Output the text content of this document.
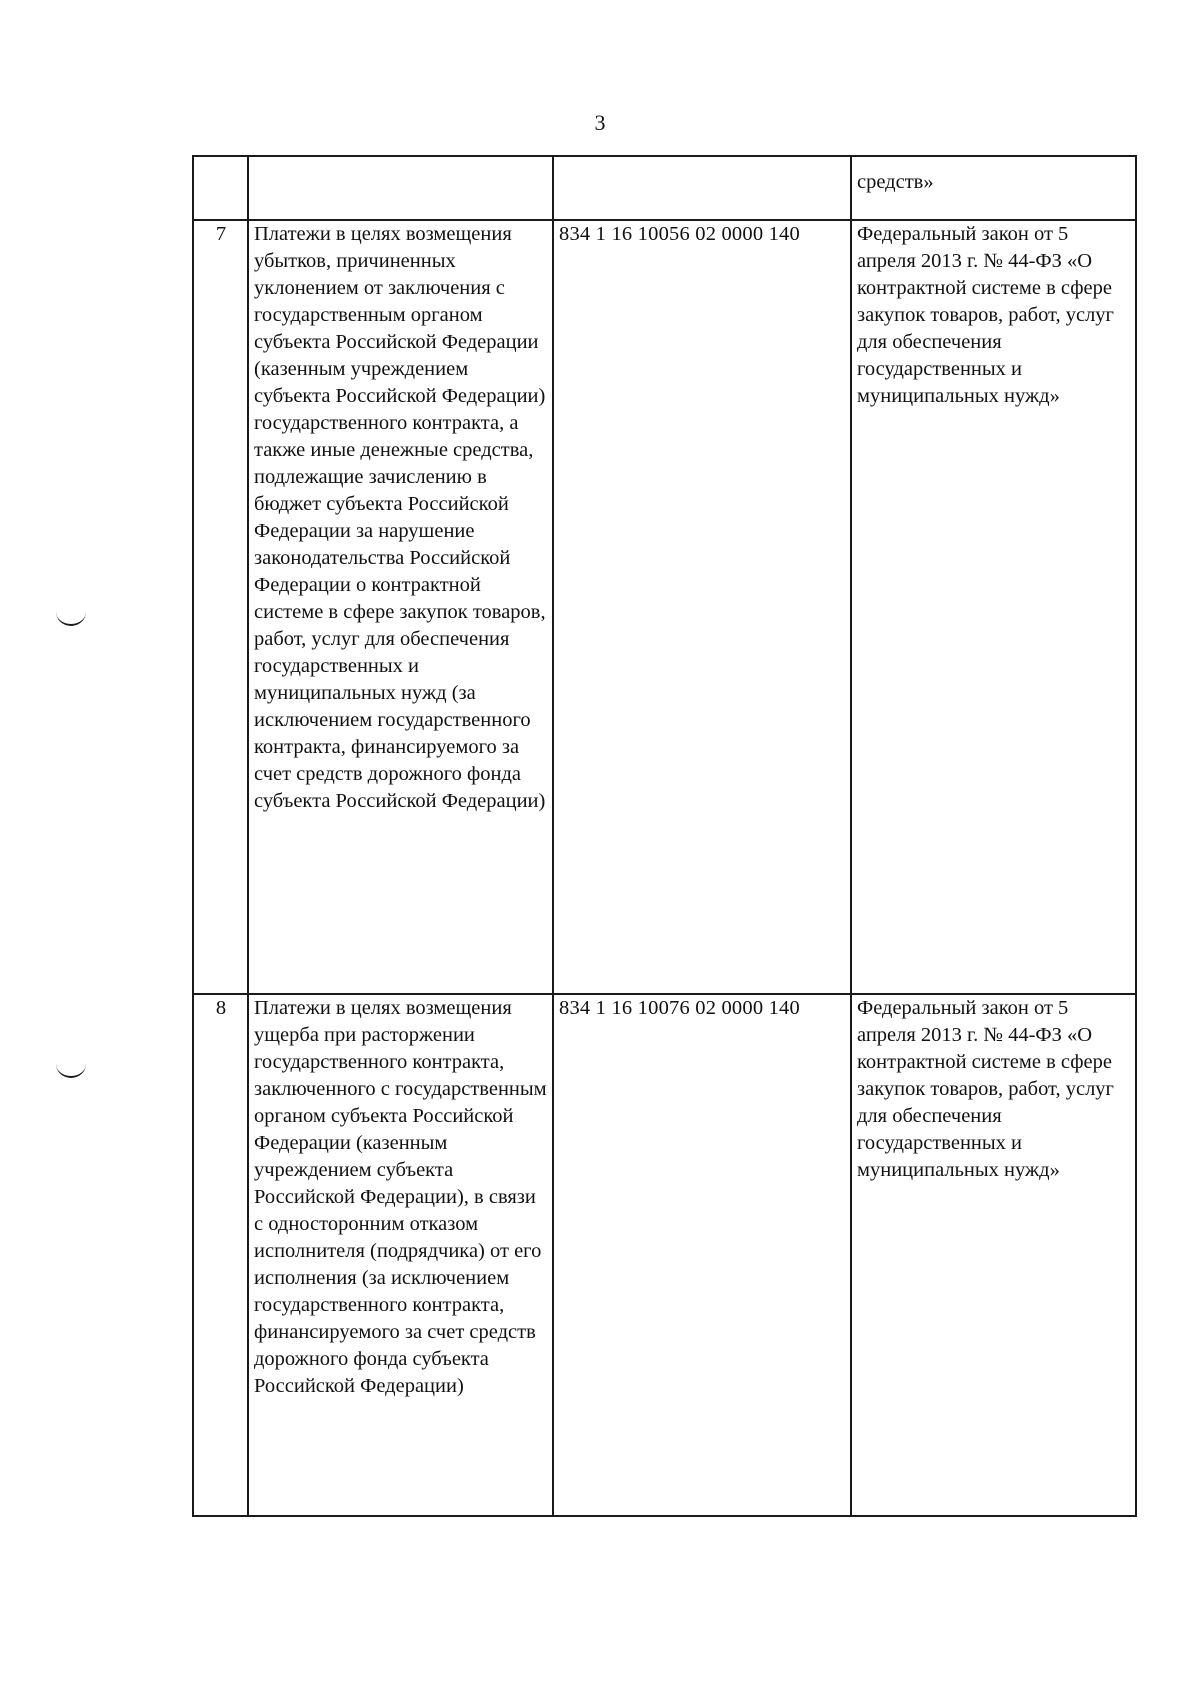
3
			средств»
7	Платежи в целях возмещения убытков, причиненных уклонением от заключения с государственным органом субъекта Российской Федерации (казенным учреждением субъекта Российской Федерации) государственного контракта, а также иные денежные средства, подлежащие зачислению в бюджет субъекта Российской Федерации за нарушение законодательства Российской Федерации о контрактной системе в сфере закупок товаров, работ, услуг для обеспечения государственных и муниципальных нужд (за исключением государственного контракта, финансируемого за счет средств дорожного фонда субъекта Российской Федерации)	834 1 16 10056 02 0000 140	Федеральный закон от 5 апреля 2013 г. № 44-ФЗ «О контрактной системе в сфере закупок товаров, работ, услуг для обеспечения государственных и муниципальных нужд»
8	Платежи в целях возмещения ущерба при расторжении государственного контракта, заключенного с государственным органом субъекта Российской Федерации (казенным учреждением субъекта Российской Федерации), в связи с односторонним отказом исполнителя (подрядчика) от его исполнения (за исключением государственного контракта, финансируемого за счет средств дорожного фонда субъекта Российской Федерации)	834 1 16 10076 02 0000 140	Федеральный закон от 5 апреля 2013 г. № 44-ФЗ «О контрактной системе в сфере закупок товаров, работ, услуг для обеспечения государственных и муниципальных нужд»
